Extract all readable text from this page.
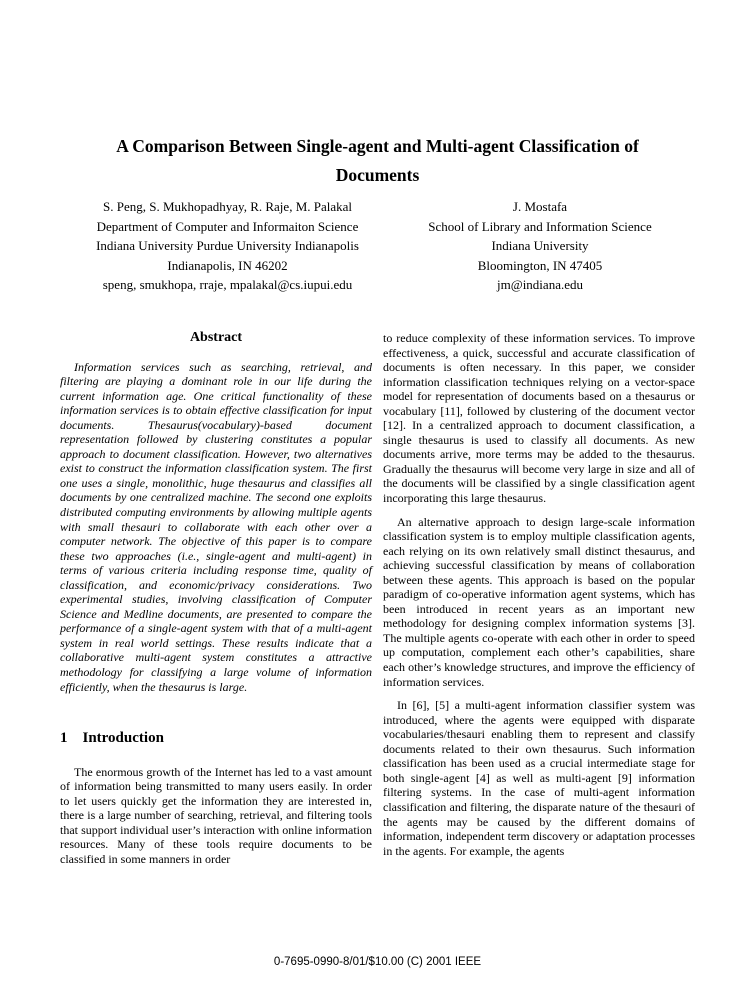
A Comparison Between Single-agent and Multi-agent Classification of
Documents
S. Peng, S. Mukhopadhyay, R. Raje, M. Palakal
Department of Computer and Informaiton Science
Indiana University Purdue University Indianapolis
Indianapolis, IN 46202
speng, smukhopa, rraje, mpalakal@cs.iupui.edu
J. Mostafa
School of Library and Information Science
Indiana University
Bloomington, IN 47405
jm@indiana.edu
Abstract

Information services such as searching, retrieval, and filtering are playing a dominant role in our life during the current information age. One critical functionality of these information services is to obtain effective classification for input documents. Thesaurus(vocabulary)-based document representation followed by clustering constitutes a popular approach to document classification. However, two alternatives exist to construct the information classification system. The first one uses a single, monolithic, huge thesaurus and classifies all documents by one centralized machine. The second one exploits distributed computing environments by allowing multiple agents with small thesauri to collaborate with each other over a computer network. The objective of this paper is to compare these two approaches (i.e., single-agent and multi-agent) in terms of various criteria including response time, quality of classification, and economic/privacy considerations. Two experimental studies, involving classification of Computer Science and Medline documents, are presented to compare the performance of a single-agent system with that of a multi-agent system in real world settings. These results indicate that a collaborative multi-agent system constitutes a attractive methodology for classifying a large volume of information efficiently, when the thesaurus is large.

1 Introduction

The enormous growth of the Internet has led to a vast amount of information being transmitted to many users easily. In order to let users quickly get the information they are interested in, there is a large number of searching, retrieval, and filtering tools that support individual user’s interaction with online information resources. Many of these tools require documents to be classified in some manners in order

to reduce complexity of these information services. To improve effectiveness, a quick, successful and accurate classification of documents is often necessary. In this paper, we consider information classification techniques relying on a vector-space model for representation of documents based on a thesaurus or vocabulary [11], followed by clustering of the document vector [12]. In a centralized approach to document classification, a single thesaurus is used to classify all documents. As new documents arrive, more terms may be added to the thesaurus. Gradually the thesaurus will become very large in size and all of the documents will be classified by a single classification agent incorporating this large thesaurus.

An alternative approach to design large-scale information classification system is to employ multiple classification agents, each relying on its own relatively small distinct thesaurus, and achieving successful classification by means of collaboration between these agents. This approach is based on the popular paradigm of co-operative information agent systems, which has been introduced in recent years as an important new methodology for designing complex information systems [3]. The multiple agents co-operate with each other in order to speed up computation, complement each other’s capabilities, share each other’s knowledge structures, and improve the efficiency of information services.

In [6], [5] a multi-agent information classifier system was introduced, where the agents were equipped with disparate vocabularies/thesauri enabling them to represent and classify documents related to their own thesaurus. Such information classification has been used as a crucial intermediate stage for both single-agent [4] as well as multi-agent [9] information filtering systems. In the case of multi-agent information classification and filtering, the disparate nature of the thesauri of the agents may be caused by the different domains of information, independent term discovery or adaptation processes in the agents. For example, the agents

0-7695-0990-8/01/$10.00 (C) 2001 IEEE
